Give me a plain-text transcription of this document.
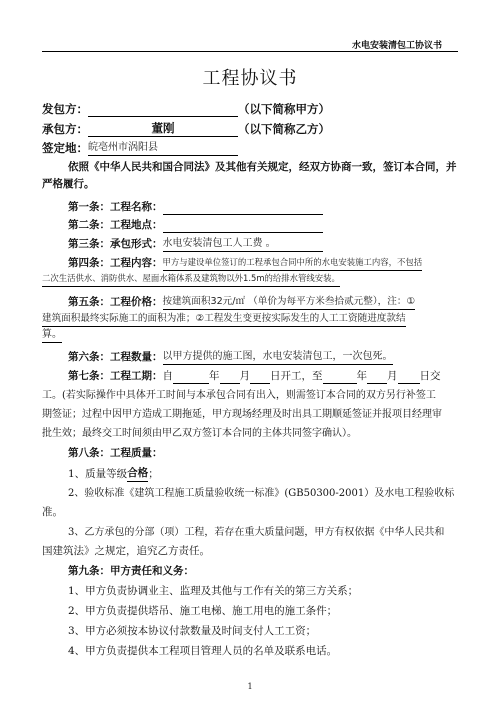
水电安装清包工协议书
工程协议书
发包方：	（以下简称甲方）
承包方：	董刚	（以下简称乙方）
签定地：皖亳州市涡阳县
依照《中华人民共和国合同法》及其他有关规定，经双方协商一致，签订本合同，并
严格履行。
第一条：工程名称：
第二条：工程地点：
第三条：承包形式：水电安装清包工人工费 。
第四条：工程内容：甲方与建设单位签订的工程承包合同中所的水电安装施工内容，不包括
二次生活供水、消防供水、屋面水箱体系及建筑物以外1.5m的给排水管线安装。
第五条：工程价格：按建筑面积32元/㎡ （单价为每平方米叁拾贰元整），注：①
建筑面积最终实际施工的面积为准；②工程发生变更按实际发生的人工工资随进度款结
算。
第六条：工程数量：以甲方提供的施工图，水电安装清包工，一次包死。
第七条：工程工期：自	年 月 日开工，至	年 月 日交
工。(若实际操作中具体开工时间与本承包合同有出入，则需签订本合同的双方另行补签工
期签证；过程中因甲方造成工期拖延，甲方现场经理及时出具工期顺延签证并报项目经理审
批生效；最终交工时间须由甲乙双方签订本合同的主体共同签字确认）。
第八条：工程质量：
1、质量等级合格；
2、验收标准《建筑工程施工质量验收统一标准》(GB50300-2001）及水电工程验收标
准。
3、乙方承包的分部（项）工程，若存在重大质量问题，甲方有权依据《中华人民共和
国建筑法》之规定，追究乙方责任。
第九条：甲方责任和义务：
1、甲方负责协调业主、监理及其他与工作有关的第三方关系；
2、甲方负责提供塔吊、施工电梯、施工用电的施工条件；
3、甲方必须按本协议付款数量及时间支付人工工资；
4、甲方负责提供本工程项目管理人员的名单及联系电话。
1
